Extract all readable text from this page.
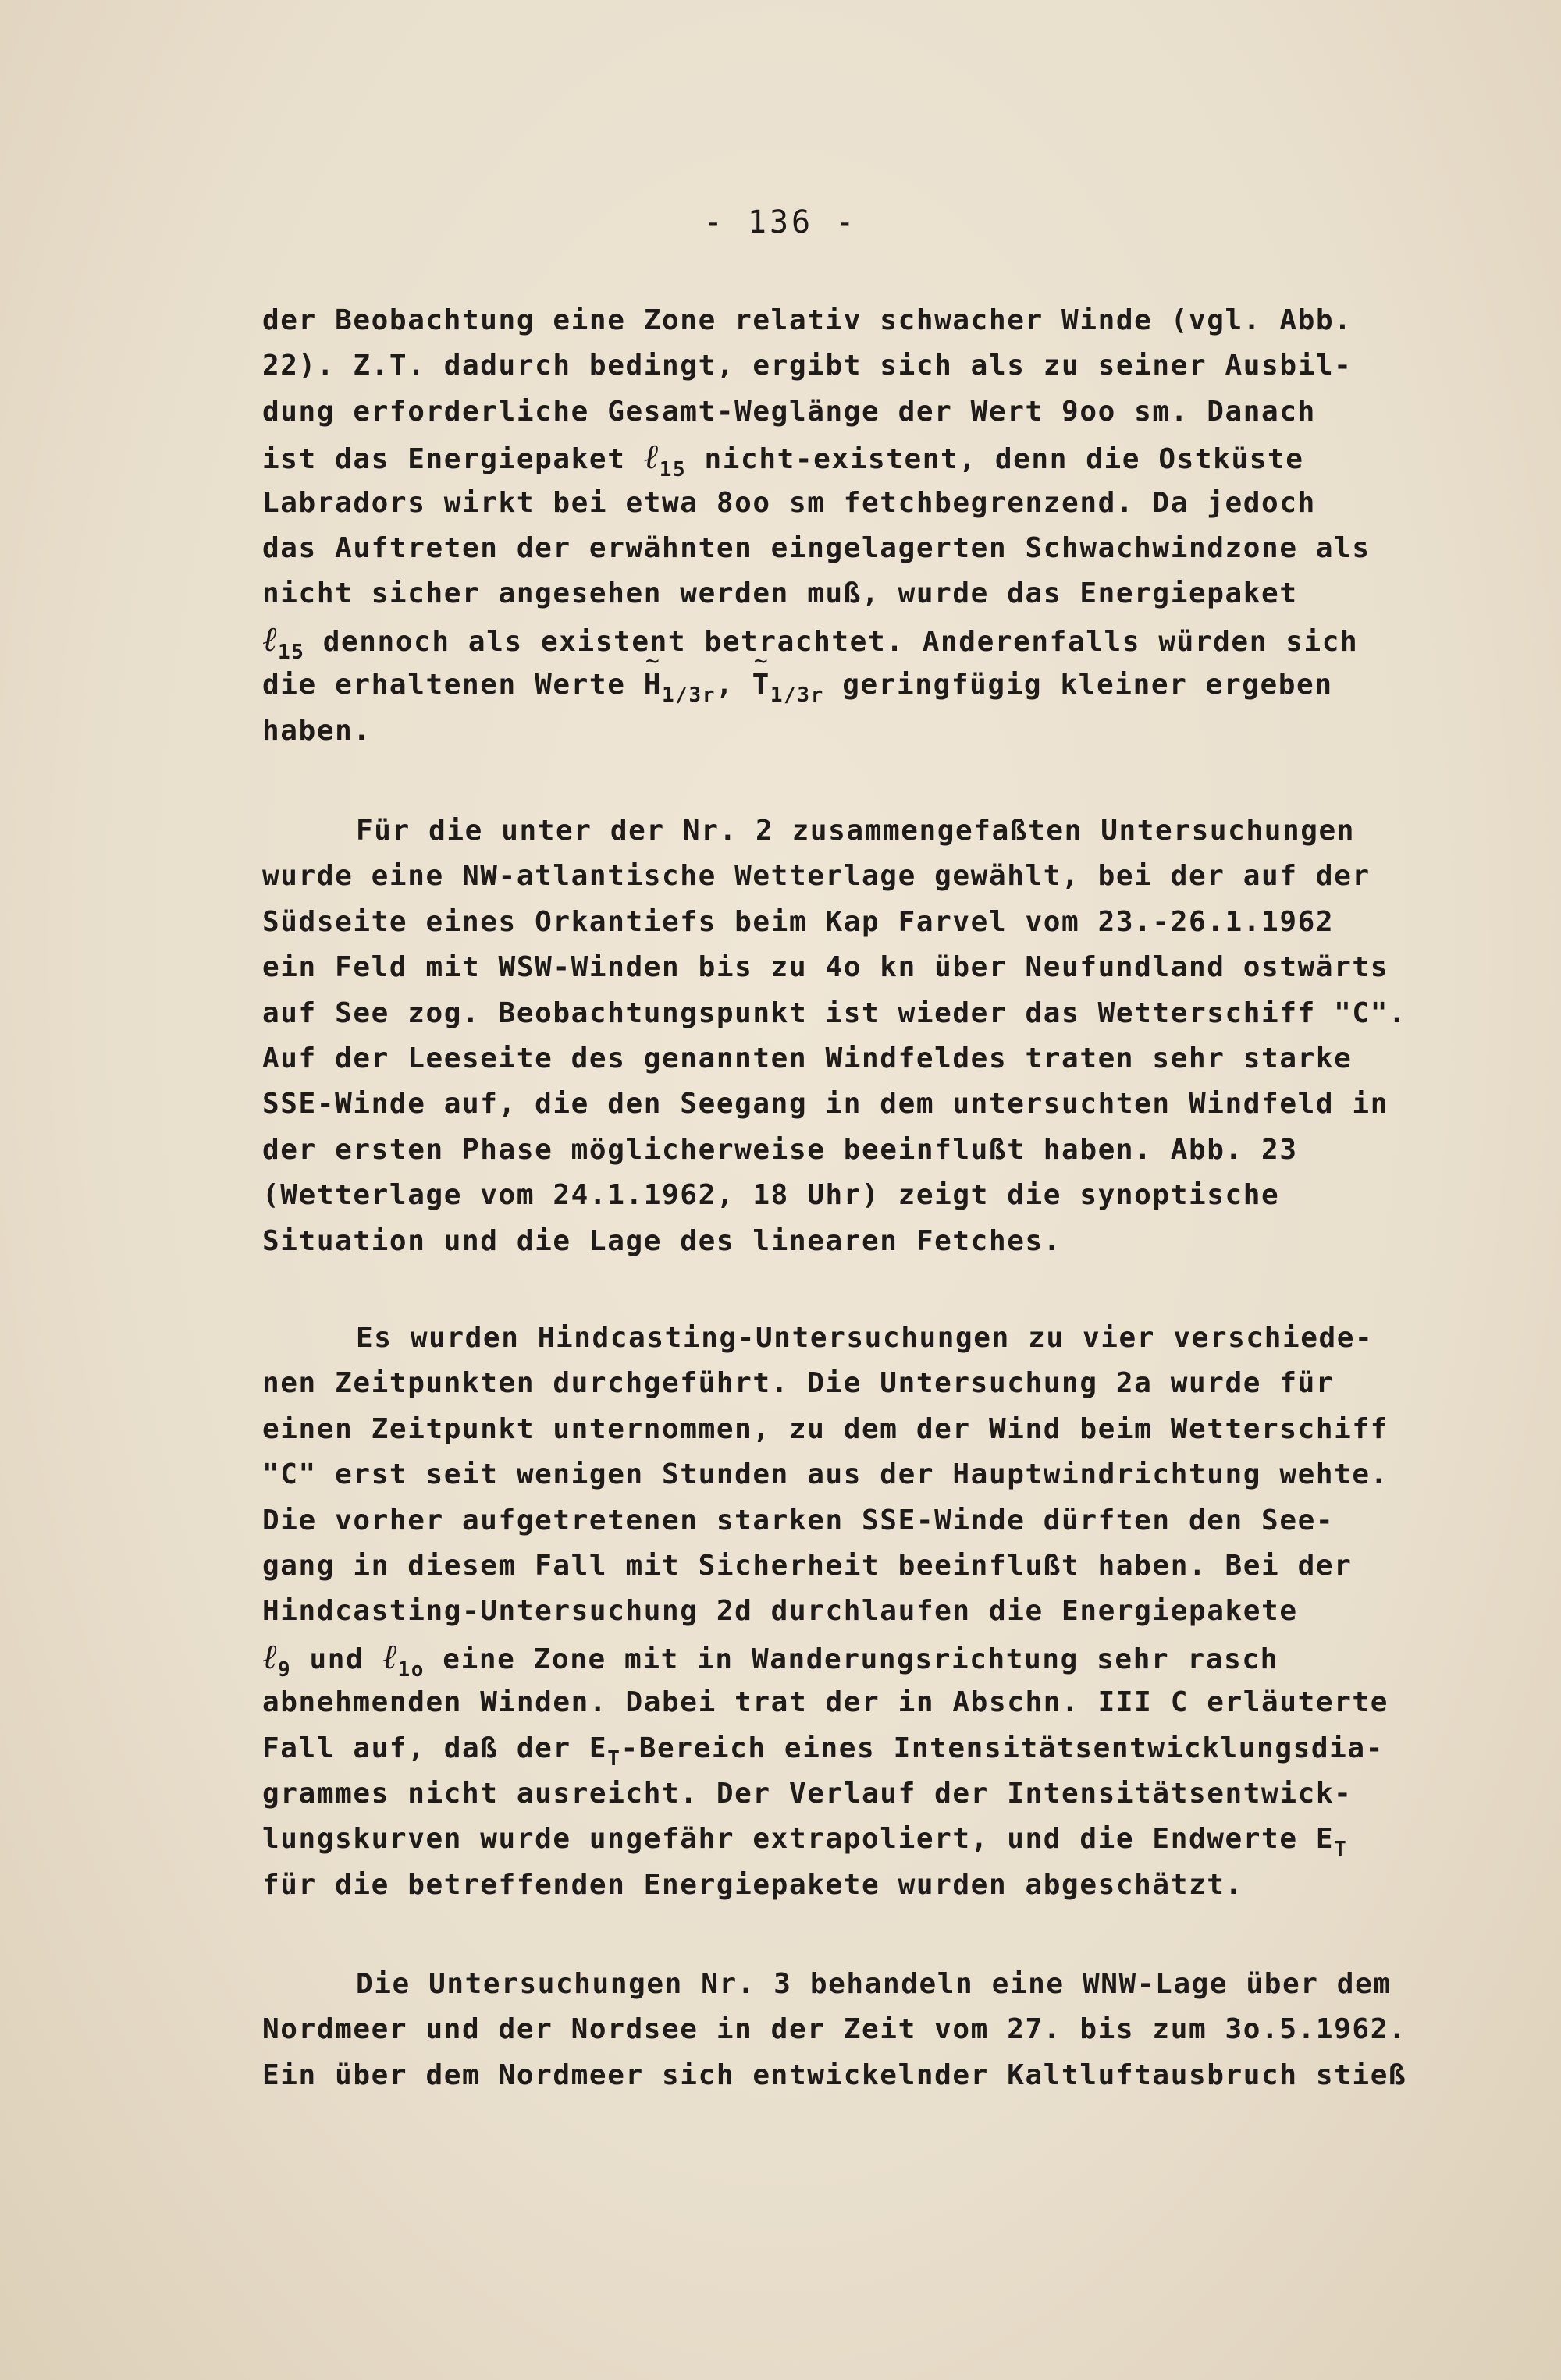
- 136 -
der Beobachtung eine Zone relativ schwacher Winde (vgl. Abb.
22). Z.T. dadurch bedingt, ergibt sich als zu seiner Ausbil-
dung erforderliche Gesamt-Weglänge der Wert 9oo sm. Danach
ist das Energiepaket ℓ$_{15}$ nicht-existent, denn die Ostküste
Labradors wirkt bei etwa 8oo sm fetchbegrenzend. Da jedoch
das Auftreten der erwähnten eingelagerten Schwachwindzone als
nicht sicher angesehen werden muß, wurde das Energiepaket
ℓ$_{15}$ dennoch als existent betrachtet. Anderenfalls würden sich
die erhaltenen Werte ~ $H_{1/3r}$, ~ $T_{1/3r}$ geringfügig kleiner ergeben
haben.
Für die unter der Nr. 2 zusammengefaßten Untersuchungen
wurde eine NW-atlantische Wetterlage gewählt, bei der auf der
Südseite eines Orkantiefs beim Kap Farvel vom 23.-26.1.1962
ein Feld mit WSW-Winden bis zu 4o kn über Neufundland ostwärts
auf See zog. Beobachtungspunkt ist wieder das Wetterschiff "C".
Auf der Leeseite des genannten Windfeldes traten sehr starke
SSE-Winde auf, die den Seegang in dem untersuchten Windfeld in
der ersten Phase möglicherweise beeinflußt haben. Abb. 23
(Wetterlage vom 24.1.1962, 18 Uhr) zeigt die synoptische
Situation und die Lage des linearen Fetches.
Es wurden Hindcasting-Untersuchungen zu vier verschiede-
nen Zeitpunkten durchgeführt. Die Untersuchung 2a wurde für
einen Zeitpunkt unternommen, zu dem der Wind beim Wetterschiff
"C" erst seit wenigen Stunden aus der Hauptwindrichtung wehte.
Die vorher aufgetretenen starken SSE-Winde dürften den See-
gang in diesem Fall mit Sicherheit beeinflußt haben. Bei der
Hindcasting-Untersuchung 2d durchlaufen die Energiepakete
ℓ$_9$ und ℓ$_{1o}$ eine Zone mit in Wanderungsrichtung sehr rasch
abnehmenden Winden. Dabei trat der in Abschn. III C erläuterte
Fall auf, daß der $E_T$-Bereich eines Intensitätsentwicklungsdia-
grammes nicht ausreicht. Der Verlauf der Intensitätsentwick-
lungskurven wurde ungefähr extrapoliert, und die Endwerte $E_T$
für die betreffenden Energiepakete wurden abgeschätzt.
Die Untersuchungen Nr. 3 behandeln eine WNW-Lage über dem
Nordmeer und der Nordsee in der Zeit vom 27. bis zum 3o.5.1962.
Ein über dem Nordmeer sich entwickelnder Kaltluftausbruch stieß
